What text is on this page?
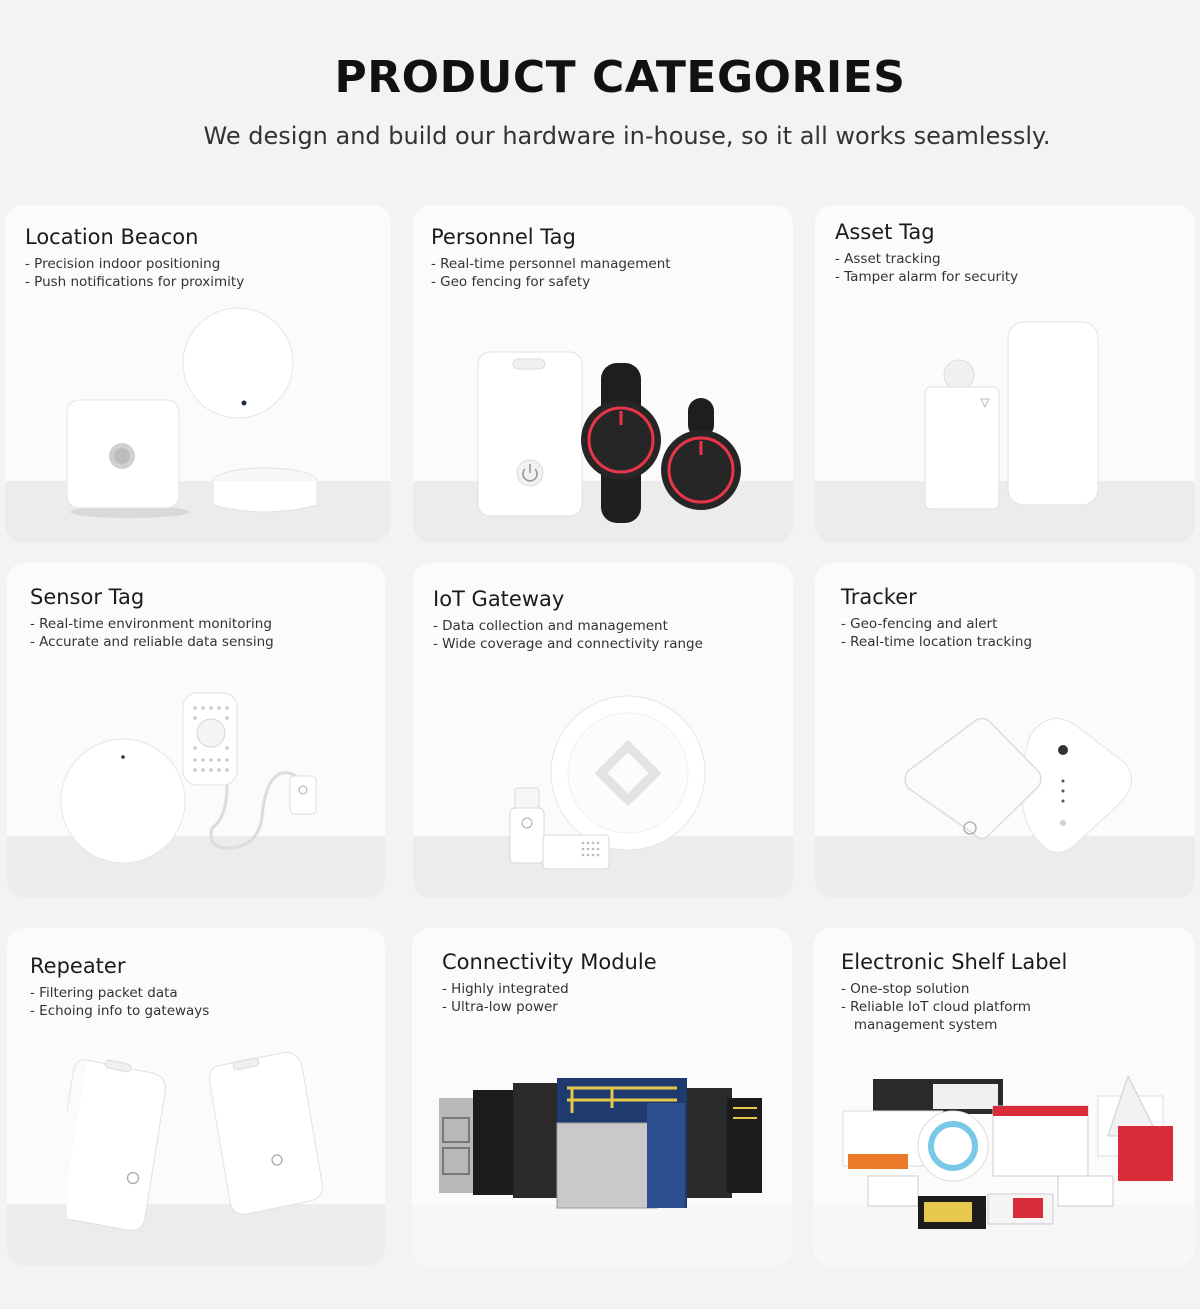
PRODUCT CATEGORIES
We design and build our hardware in-house, so it all works seamlessly.
Location Beacon
- Precision indoor positioning
- Push notifications for proximity
Personnel Tag
- Real-time personnel management
- Geo fencing for safety
Asset Tag
- Asset tracking
- Tamper alarm for security
Sensor Tag
- Real-time environment monitoring
- Accurate and reliable data sensing
IoT Gateway
- Data collection and management
- Wide coverage and connectivity range
Tracker
- Geo-fencing and alert
- Real-time location tracking
Repeater
- Filtering packet data
- Echoing info to gateways
Connectivity Module
- Highly integrated
- Ultra-low power
Electronic Shelf Label
- One-stop solution
- Reliable IoT cloud platform
management system
